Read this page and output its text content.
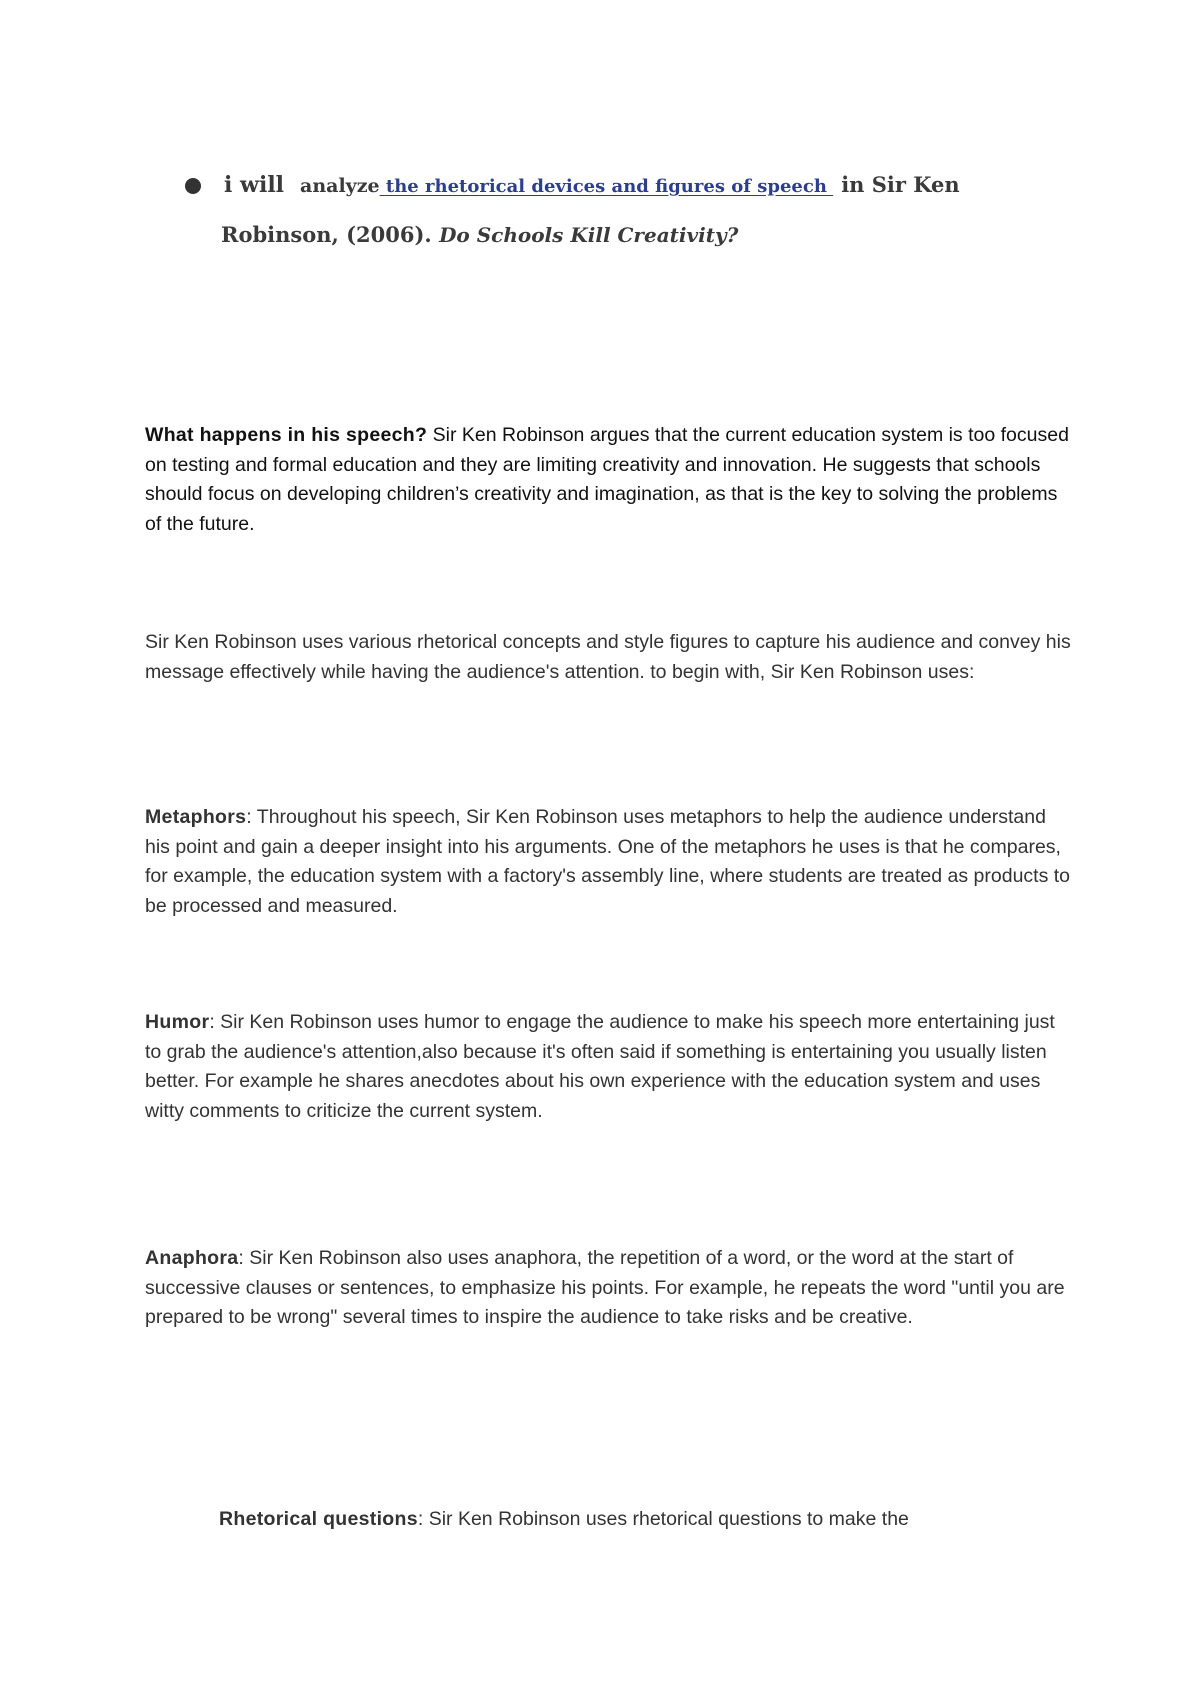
i will analyze the rhetorical devices and figures of speech in Sir Ken
Robinson, (2006). Do Schools Kill Creativity?
What happens in his speech? Sir Ken Robinson argues that the current education system is too focused on testing and formal education and they are limiting creativity and innovation. He suggests that schools should focus on developing children’s creativity and imagination, as that is the key to solving the problems of the future.
Sir Ken Robinson uses various rhetorical concepts and style figures to capture his audience and convey his message effectively while having the audience's attention. to begin with, Sir Ken Robinson uses:
Metaphors: Throughout his speech, Sir Ken Robinson uses metaphors to help the audience understand his point and gain a deeper insight into his arguments. One of the metaphors he uses is that he compares, for example, the education system with a factory's assembly line, where students are treated as products to be processed and measured.
Humor: Sir Ken Robinson uses humor to engage the audience to make his speech more entertaining just to grab the audience's attention,also because it's often said if something is entertaining you usually listen better. For example he shares anecdotes about his own experience with the education system and uses witty comments to criticize the current system.
Anaphora: Sir Ken Robinson also uses anaphora, the repetition of a word, or the word at the start of successive clauses or sentences, to emphasize his points. For example, he repeats the word "until you are prepared to be wrong" several times to inspire the audience to take risks and be creative.
Rhetorical questions: Sir Ken Robinson uses rhetorical questions to make the
